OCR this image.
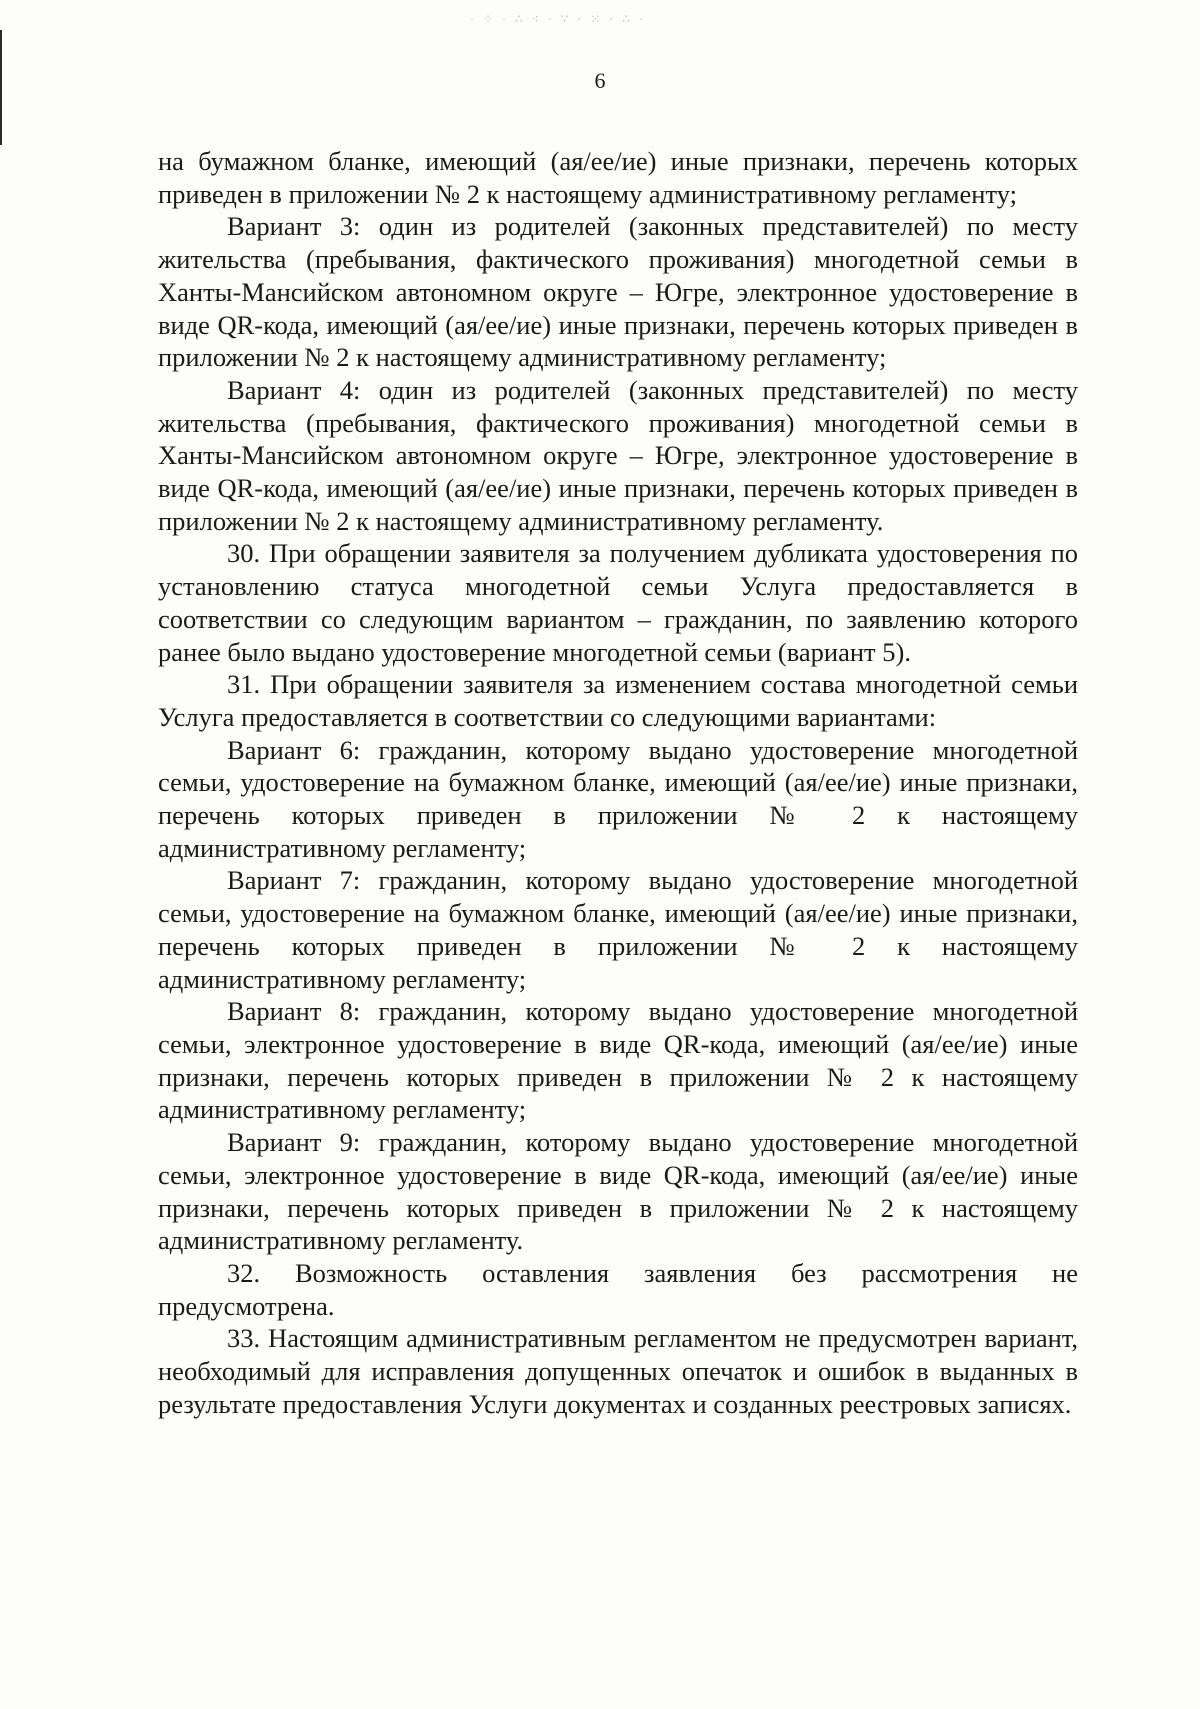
· ⁘ · ∴ ⁖ · ∵ · ⁙ · ∴ ·
6

на бумажном бланке, имеющий (ая/ее/ие) иные признаки, перечень которых приведен в приложении № 2 к настоящему административному регламенту;

Вариант 3: один из родителей (законных представителей) по месту жительства (пребывания, фактического проживания) многодетной семьи в Ханты-Мансийском автономном округе – Югре, электронное удостоверение в виде QR-кода, имеющий (ая/ее/ие) иные признаки, перечень которых приведен в приложении № 2 к настоящему административному регламенту;

Вариант 4: один из родителей (законных представителей) по месту жительства (пребывания, фактического проживания) многодетной семьи в Ханты-Мансийском автономном округе – Югре, электронное удостоверение в виде QR-кода, имеющий (ая/ее/ие) иные признаки, перечень которых приведен в приложении № 2 к настоящему административному регламенту.

30. При обращении заявителя за получением дубликата удостоверения по установлению статуса многодетной семьи Услуга предоставляется в соответствии со следующим вариантом – гражданин, по заявлению которого ранее было выдано удостоверение многодетной семьи (вариант 5).

31. При обращении заявителя за изменением состава многодетной семьи Услуга предоставляется в соответствии со следующими вариантами:

Вариант 6: гражданин, которому выдано удостоверение многодетной семьи, удостоверение на бумажном бланке, имеющий (ая/ее/ие) иные признаки, перечень которых приведен в приложении № 2 к настоящему административному регламенту;

Вариант 7: гражданин, которому выдано удостоверение многодетной семьи, удостоверение на бумажном бланке, имеющий (ая/ее/ие) иные признаки, перечень которых приведен в приложении № 2 к настоящему административному регламенту;

Вариант 8: гражданин, которому выдано удостоверение многодетной семьи, электронное удостоверение в виде QR-кода, имеющий (ая/ее/ие) иные признаки, перечень которых приведен в приложении № 2 к настоящему административному регламенту;

Вариант 9: гражданин, которому выдано удостоверение многодетной семьи, электронное удостоверение в виде QR-кода, имеющий (ая/ее/ие) иные признаки, перечень которых приведен в приложении № 2 к настоящему административному регламенту.

32. Возможность оставления заявления без рассмотрения не предусмотрена.

33. Настоящим административным регламентом не предусмотрен вариант, необходимый для исправления допущенных опечаток и ошибок в выданных в результате предоставления Услуги документах и созданных реестровых записях.
